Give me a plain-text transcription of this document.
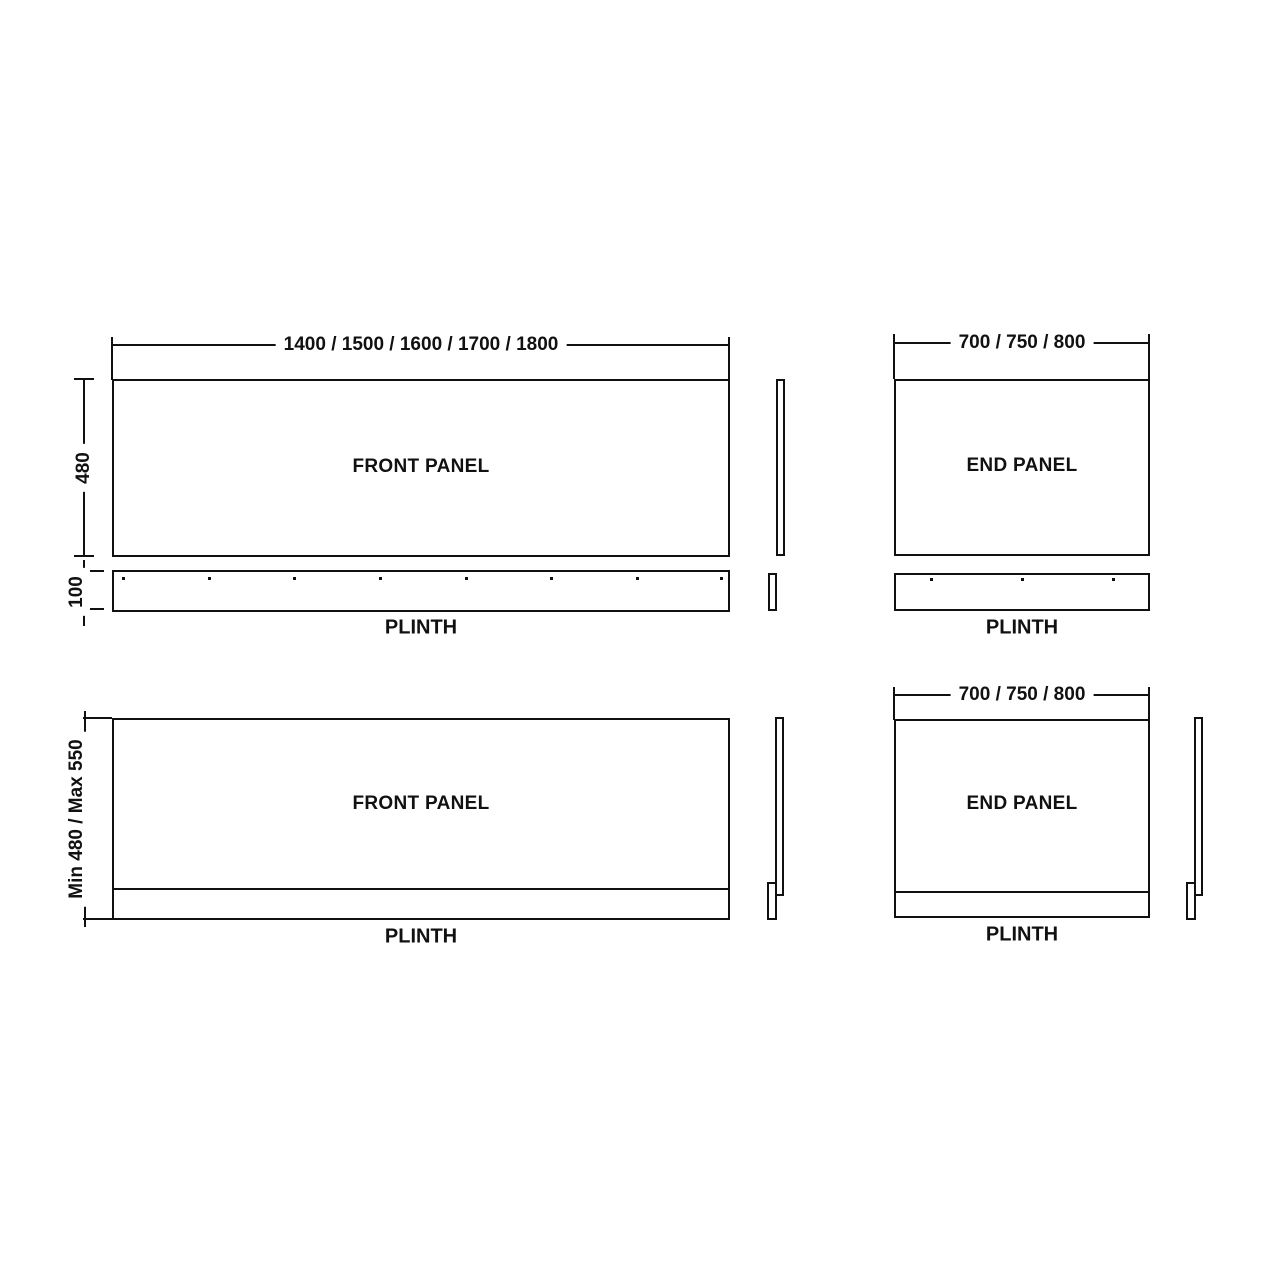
1400 / 1500 / 1600 / 1700 / 1800
480	FRONT PANEL
100
PLINTH
700 / 750 / 800
END PANEL
PLINTH
Min 480 / Max 550	FRONT PANEL
PLINTH
700 / 750 / 800
END PANEL
PLINTH
